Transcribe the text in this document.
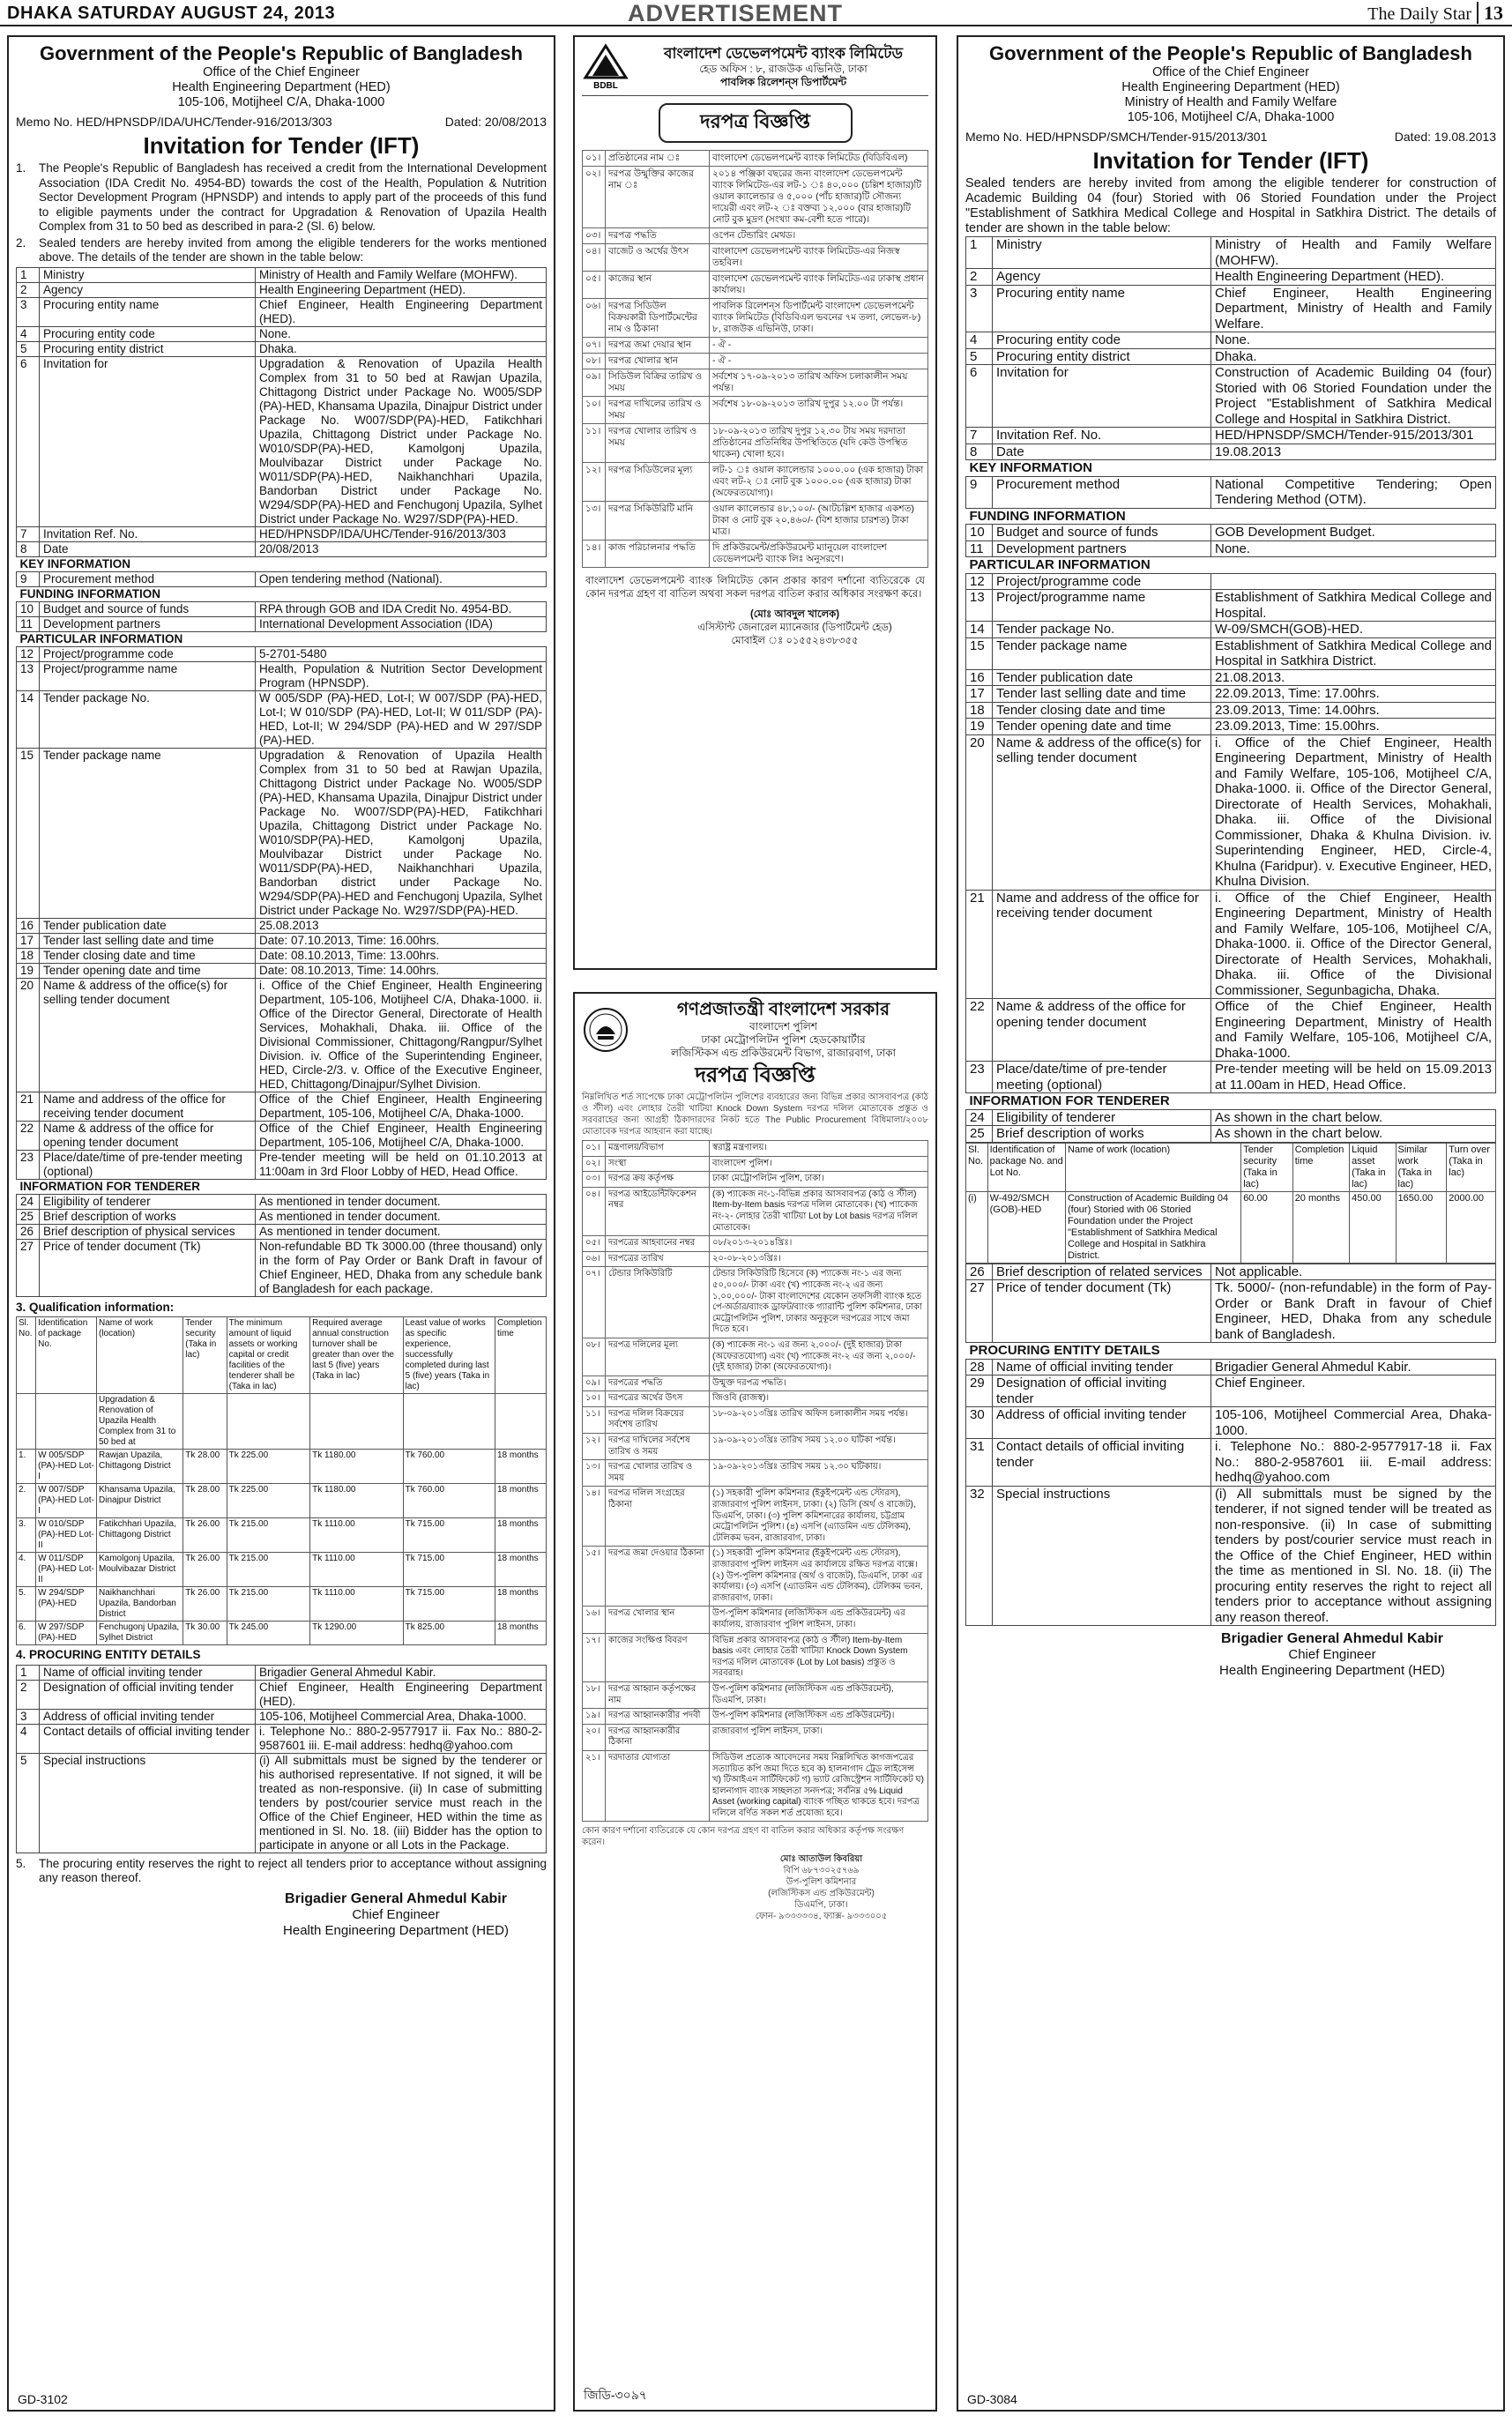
DHAKA SATURDAY AUGUST 24, 2013	ADVERTISEMENT	The Daily Star 13
Government of the People's Republic of Bangladesh
Office of the Chief Engineer
Health Engineering Department (HED)
105-106, Motijheel C/A, Dhaka-1000
Memo No. HED/HPNSDP/IDA/UHC/Tender-916/2013/303	Dated: 20/08/2013
Invitation for Tender (IFT)
1.	The People's Republic of Bangladesh has received a credit from the International Development Association (IDA Credit No. 4954-BD) towards the cost of the Health, Population & Nutrition Sector Development Program (HPNSDP) and intends to apply part of the proceeds of this fund to eligible payments under the contract for Upgradation & Renovation of Upazila Health Complex from 31 to 50 bed as described in para-2 (Sl. 6) below.
2.	Sealed tenders are hereby invited from among the eligible tenderers for the works mentioned above. The details of the tender are shown in the table below:
1	Ministry	Ministry of Health and Family Welfare (MOHFW).
2	Agency	Health Engineering Department (HED).
3	Procuring entity name	Chief Engineer, Health Engineering Department (HED).
4	Procuring entity code	None.
5	Procuring entity district	Dhaka.
6	Invitation for	Upgradation & Renovation of Upazila Health Complex from 31 to 50 bed at Rawjan Upazila, Chittagong District under Package No. W005/SDP (PA)-HED, Khansama Upazila, Dinajpur District under Package No. W007/SDP(PA)-HED, Fatikchhari Upazila, Chittagong District under Package No. W010/SDP(PA)-HED, Kamolgonj Upazila, Moulvibazar District under Package No. W011/SDP(PA)-HED, Naikhanchhari Upazila, Bandorban District under Package No. W294/SDP(PA)-HED and Fenchugonj Upazila, Sylhet District under Package No. W297/SDP(PA)-HED.
7	Invitation Ref. No.	HED/HPNSDP/IDA/UHC/Tender-916/2013/303
8	Date	20/08/2013
KEY INFORMATION		
9	Procurement method	Open tendering method (National).
FUNDING INFORMATION		
10	Budget and source of funds	RPA through GOB and IDA Credit No. 4954-BD.
11	Development partners	International Development Association (IDA)
PARTICULAR INFORMATION		
12	Project/programme code	5-2701-5480
13	Project/programme name	Health, Population & Nutrition Sector Development Program (HPNSDP).
14	Tender package No.	W 005/SDP (PA)-HED, Lot-I; W 007/SDP (PA)-HED, Lot-I; W 010/SDP (PA)-HED, Lot-II; W 011/SDP (PA)-HED, Lot-II; W 294/SDP (PA)-HED and W 297/SDP (PA)-HED.
15	Tender package name	Upgradation & Renovation of Upazila Health Complex from 31 to 50 bed at Rawjan Upazila, Chittagong District under Package No. W005/SDP (PA)-HED, Khansama Upazila, Dinajpur District under Package No. W007/SDP(PA)-HED, Fatikchhari Upazila, Chittagong District under Package No. W010/SDP(PA)-HED, Kamolgonj Upazila, Moulvibazar District under Package No. W011/SDP(PA)-HED, Naikhanchhari Upazila, Bandorban district under Package No. W294/SDP(PA)-HED and Fenchugonj Upazila, Sylhet District under Package No. W297/SDP(PA)-HED.
16	Tender publication date	25.08.2013
17	Tender last selling date and time	Date: 07.10.2013, Time: 16.00hrs.
18	Tender closing date and time	Date: 08.10.2013, Time: 13.00hrs.
19	Tender opening date and time	Date: 08.10.2013, Time: 14.00hrs.
20	Name & address of the office(s) for selling tender document	i. Office of the Chief Engineer, Health Engineering Department, 105-106, Motijheel C/A, Dhaka-1000. ii. Office of the Director General, Directorate of Health Services, Mohakhali, Dhaka. iii. Office of the Divisional Commissioner, Chittagong/Rangpur/Sylhet Division. iv. Office of the Superintending Engineer, HED, Circle-2/3. v. Office of the Executive Engineer, HED, Chittagong/Dinajpur/Sylhet Division.
21	Name and address of the office for receiving tender document	Office of the Chief Engineer, Health Engineering Department, 105-106, Motijheel C/A, Dhaka-1000.
22	Name & address of the office for opening tender document	Office of the Chief Engineer, Health Engineering Department, 105-106, Motijheel C/A, Dhaka-1000.
23	Place/date/time of pre-tender meeting (optional)	Pre-tender meeting will be held on 01.10.2013 at 11:00am in 3rd Floor Lobby of HED, Head Office.
INFORMATION FOR TENDERER		
24	Eligibility of tenderer	As mentioned in tender document.
25	Brief description of works	As mentioned in tender document.
26	Brief description of physical services	As mentioned in tender document.
27	Price of tender document (Tk)	Non-refundable BD Tk 3000.00 (three thousand) only in the form of Pay Order or Bank Draft in favour of Chief Engineer, HED, Dhaka from any schedule bank of Bangladesh for each package.
3. Qualification information:
Sl. No.	Identification of package No.	Name of work (location)	Tender security (Taka in lac)	The minimum amount of liquid assets or working capital or credit facilities of the tenderer shall be (Taka in lac)	Required average annual construction turnover shall be greater than over the last 5 (five) years (Taka in lac)	Least value of works as specific experience, successfully completed during last 5 (five) years (Taka in lac)	Completion time
		Upgradation & Renovation of Upazila Health Complex from 31 to 50 bed at					
1.	W 005/SDP (PA)-HED Lot-I	Rawjan Upazila, Chittagong District	Tk 28.00	Tk 225.00	Tk 1180.00	Tk 760.00	18 months
2.	W 007/SDP (PA)-HED Lot-I	Khansama Upazila, Dinajpur District	Tk 28.00	Tk 225.00	Tk 1180.00	Tk 760.00	18 months
3.	W 010/SDP (PA)-HED Lot-II	Fatikchhari Upazila, Chittagong District	Tk 26.00	Tk 215.00	Tk 1110.00	Tk 715.00	18 months
4.	W 011/SDP (PA)-HED Lot-II	Kamolgonj Upazila, Moulvibazar District	Tk 26.00	Tk 215.00	Tk 1110.00	Tk 715.00	18 months
5.	W 294/SDP (PA)-HED	Naikhanchhari Upazila, Bandorban District	Tk 26.00	Tk 215.00	Tk 1110.00	Tk 715.00	18 months
6.	W 297/SDP (PA)-HED	Fenchugonj Upazila, Sylhet District	Tk 30.00	Tk 245.00	Tk 1290.00	Tk 825.00	18 months
4. PROCURING ENTITY DETAILS
1	Name of official inviting tender	Brigadier General Ahmedul Kabir.
2	Designation of official inviting tender	Chief Engineer, Health Engineering Department (HED).
3	Address of official inviting tender	105-106, Motijheel Commercial Area, Dhaka-1000.
4	Contact details of official inviting tender	i. Telephone No.: 880-2-9577917 ii. Fax No.: 880-2-9587601 iii. E-mail address: hedhq@yahoo.com
5	Special instructions	(i) All submittals must be signed by the tenderer or his authorised representative. If not signed, it will be treated as non-responsive. (ii) In case of submitting tenders by post/courier service must reach in the Office of the Chief Engineer, HED within the time as mentioned in Sl. No. 18. (iii) Bidder has the option to participate in anyone or all Lots in the Package.
5.	The procuring entity reserves the right to reject all tenders prior to acceptance without assigning any reason thereof.
Brigadier General Ahmedul Kabir
Chief Engineer
Health Engineering Department (HED)
GD-3102
BDBL
বাংলাদেশ ডেভেলপমেন্ট ব্যাংক লিমিটেড
হেড অফিস : ৮, রাজউক এভিনিউ, ঢাকা
পাবলিক রিলেশন্‌স ডিপার্টমেন্ট
দরপত্র বিজ্ঞপ্তি
০১।	প্রতিষ্ঠানের নাম ঃ	বাংলাদেশ ডেভেলপমেন্ট ব্যাংক লিমিটেড (বিডিবিএল)
০২।	দরপত্র উন্মুক্তির কাজের নাম ঃ	২০১৪ পঞ্জিকা বছরের জন্য বাংলাদেশ ডেভেলপমেন্ট ব্যাংক লিমিটেড-এর লট-১ ঃ ৪০,০০০ (চল্লিশ হাজার)টি ওয়াল ক্যালেন্ডার ও ৫,০০০ (পাঁচ হাজার)টি সৌজন্য দায়েরী এবং লট-২ ঃ বক্তব্য ১২,০০০ (বার হাজার)টি নোট বুক মুদ্রণ (সংখ্যা কম-বেশী হতে পারে)।
০৩।	দরপত্র পদ্ধতি	ওপেন টেন্ডারিং মেথড।
০৪।	বাজেট ও অর্থের উৎস	বাংলাদেশ ডেভেলপমেন্ট ব্যাংক লিমিটেড-এর নিজস্ব তহবিল।
০৫।	কাজের স্থান	বাংলাদেশ ডেভেলপমেন্ট ব্যাংক লিমিটেড-এর ঢাকাস্থ প্রধান কার্যালয়।
০৬।	দরপত্র সিডিউল বিক্রয়কারী ডিপার্টমেন্টের নাম ও ঠিকানা	পাবলিক রিলেশন্‌স ডিপার্টমেন্ট বাংলাদেশ ডেভেলপমেন্ট ব্যাংক লিমিটেড (বিডিবিএল ভবনের ৭ম তলা, লেভেল-৮) ৮, রাজউক এভিনিউ, ঢাকা।
০৭।	দরপত্র জমা দেয়ার স্থান	- ঐ -
০৮।	দরপত্র খোলার স্থান	- ঐ -
০৯।	সিডিউল বিক্রির তারিখ ও সময়	সর্বশেষ ১৭-০৯-২০১৩ তারিখ অফিস চলাকালীন সময় পর্যন্ত।
১০।	দরপত্র দাখিলের তারিখ ও সময়	সর্বশেষ ১৮-০৯-২০১৩ তারিখ দুপুর ১২.০০ টা পর্যন্ত।
১১।	দরপত্র খোলার তারিখ ও সময়	১৮-০৯-২০১৩ তারিখ দুপুর ১২.৩০ টায় সময় দরদাতা প্রতিষ্ঠানের প্রতিনিধির উপস্থিতিতে (যদি কেউ উপস্থিত থাকেন) খোলা হবে।
১২।	দরপত্র সিডিউলের মূল্য	লট-১ ঃ ওয়াল ক্যালেন্ডার ১০০০.০০ (এক হাজার) টাকা এবং লট-২ ঃ নোট বুক ১০০০.০০ (এক হাজার) টাকা (অফেরতযোগ্য)।
১৩।	দরপত্র সিকিউরিটি মানি	ওয়াল ক্যালেন্ডার ৪৮,১০০/- (আটচল্লিশ হাজার একশত) টাকা ও নোট বুক ২০,৪৬০/- (বিশ হাজার চারশত) টাকা মাত্র।
১৪।	কাজ পরিচালনার পদ্ধতি	দি প্রকিউরমেন্ট/প্রকিউরমেন্ট ম্যানুয়েল বাংলাদেশ ডেভেলপমেন্ট ব্যাংক লিঃ অনুসরণে।
বাংলাদেশ ডেভেলপমেন্ট ব্যাংক লিমিটেড কোন প্রকার কারণ দর্শানো ব্যতিরেকে যে কোন দরপত্র গ্রহণ বা বাতিল অথবা সকল দরপত্র বাতিল করার অধিকার সংরক্ষণ করে।
(মোঃ আবদুল খালেক)
এসিস্টান্ট জেনারেল ম্যানেজার (ডিপার্টমেন্ট হেড)
মোবাইল ঃ ০১৫৫২৪৩৮৩৫৫
গণপ্রজাতন্ত্রী বাংলাদেশ সরকার
বাংলাদেশ পুলিশ
ঢাকা মেট্রোপলিটন পুলিশ হেডকোয়ার্টার
লজিস্টিকস এন্ড প্রকিউরমেন্ট বিভাগ, রাজারবাগ, ঢাকা
দরপত্র বিজ্ঞপ্তি
নিম্নলিখিত শর্ত সাপেক্ষে ঢাকা মেট্রোপলিটন পুলিশের ব্যবহারের জন্য বিভিন্ন প্রকার আসবাবপত্র (কাঠ ও স্টীল) এবং লোহার তৈরী খাটিয়া Knock Down System দরপত্র দলিল মোতাবেক প্রস্তুত ও সরবরাহের জন্য আগ্রহী ঠিকাদারদের নিকট হতে The Public Procurement বিধিমালা/২০০৮ মোতাবেক দরপত্র আহবান করা যাচ্ছে।
০১।	মন্ত্রণালয়/বিভাগ	স্বরাষ্ট্র মন্ত্রণালয়।
০২।	সংস্থা	বাংলাদেশ পুলিশ।
০৩।	দরপত্র ক্রয় কর্তৃপক্ষ	ঢাকা মেট্রোপলিটন পুলিশ, ঢাকা।
০৪।	দরপত্র আইডেন্টিফিকেশন নম্বর	(ক) প্যাকেজ নং-১-বিভিন্ন প্রকার আসবাবপত্র (কাঠ ও স্টীল) Item-by-Item basis দরপত্র দলিল মোতাবেক। (খ) প্যাকেজ নং-২- লোহার তৈরী খাটিয়া Lot by Lot basis দরপত্র দলিল মোতাবেক।
০৫।	দরপত্রের আহবানের নম্বর	০৮/২০১৩-২০১৪খ্রিঃ।
০৬।	দরপত্রের তারিখ	২০-০৮-২০১৩খ্রিঃ।
০৭।	টেন্ডার সিকিউরিটি	টেন্ডার সিকিউরিটি হিসেবে (ক) প্যাকেজ নং-১ এর জন্য ৫০,০০০/- টাকা এবং (খ) প্যাকেজ নং-২ এর জন্য ১,০০,০০০/- টাকা বাংলাদেশের যেকোন তফসিলী ব্যাংক হতে পে-অর্ডার/ব্যাংক ড্রাফট/ব্যাংক গ্যারান্টি পুলিশ কমিশনার, ঢাকা মেট্রোপলিটন পুলিশ, ঢাকার অনুকূলে দরপত্রের সাথে জমা দিতে হবে।
০৮।	দরপত্র দলিলের মূল্য	(ক) প্যাকেজ নং-১ এর জন্য ২,০০০/- (দুই হাজার) টাকা (অফেরতযোগ্য) এবং (খ) প্যাকেজ নং-২ এর জন্য ২,০০০/- (দুই হাজার) টাকা (অফেরতযোগ্য)।
০৯।	দরপত্রের পদ্ধতি	উন্মুক্ত দরপত্র পদ্ধতি।
১০।	দরপত্রের অর্থের উৎস	জিওবি (রাজস্ব)।
১১।	দরপত্র দলিল বিক্রয়ের সর্বশেষ তারিখ	১৮-০৯-২০১৩খ্রিঃ তারিখ অফিস চলাকালীন সময় পর্যন্ত।
১২।	দরপত্র দাখিলের সর্বশেষ তারিখ ও সময়	১৯-০৯-২০১৩খ্রিঃ তারিখ সময় ১২.০০ ঘটিকা পর্যন্ত।
১৩।	দরপত্র খোলার তারিখ ও সময়	১৯-০৯-২০১৩খ্রিঃ তারিখ সময় ১২.৩০ ঘটিকায়।
১৪।	দরপত্র দলিল সংগ্রহের ঠিকানা	(১) সহকারী পুলিশ কমিশনার (ইকুইপমেন্ট এন্ড স্টোরস), রাজারবাগ পুলিশ লাইনস, ঢাকা। (২) ডিসি (অর্থ ও বাজেট), ডিএমপি, ঢাকা। (৩) পুলিশ কমিশনারের কার্যালয়, চট্টগ্রাম মেট্রোপলিটন পুলিশ। (৪) এসপি (এ্যাডমিন এন্ড টেলিকম), টেলিকম ভবন, রাজারবাগ, ঢাকা।
১৫।	দরপত্র জমা দেওয়ার ঠিকানা	(১) সহকারী পুলিশ কমিশনার (ইকুইপমেন্ট এন্ড স্টোরস), রাজারবাগ পুলিশ লাইনস এর কার্যালয়ে রক্ষিত দরপত্র বাক্সে। (২) উপ-পুলিশ কমিশনার (অর্থ ও বাজেট), ডিএমপি, ঢাকা এর কার্যালয়। (৩) এসপি (এ্যাডমিন এন্ড টেলিকম), টেলিকম ভবন, রাজারবাগ, ঢাকা।
১৬।	দরপত্র খোলার স্থান	উপ-পুলিশ কমিশনার (লজিস্টিকস এন্ড প্রকিউরমেন্ট) এর কার্যালয়, রাজারবাগ পুলিশ লাইনস, ঢাকা।
১৭।	কাজের সংক্ষিপ্ত বিবরণ	বিভিন্ন প্রকার আসবাবপত্র (কাঠ ও স্টীল) Item-by-Item basis এবং লোহার তৈরী খাটিয়া Knock Down System দরপত্র দলিল মোতাবেক (Lot by Lot basis) প্রস্তুত ও সরবরাহ।
১৮।	দরপত্র আহ্বান কর্তৃপক্ষের নাম	উপ-পুলিশ কমিশনার (লজিস্টিকস এন্ড প্রকিউরমেন্ট), ডিএমপি, ঢাকা।
১৯।	দরপত্র আহ্বানকারীর পদবী	উপ-পুলিশ কমিশনার (লজিস্টিকস এন্ড প্রকিউরমেন্ট)।
২০।	দরপত্র আহ্বানকারীর ঠিকানা	রাজারবাগ পুলিশ লাইনস, ঢাকা।
২১।	দরদাতার যোগ্যতা	সিডিউল প্রত্যেক আবেদনের সময় নিম্নলিখিত কাগজপত্রের সত্যায়িত কপি জমা দিতে হবে ক) হালনাগাদ ট্রেড লাইসেন্স খ) টিআইএন সার্টিফিকেট গ) ভ্যাট রেজিস্ট্রেশন সার্টিফিকেট ঘ) হালনাগাদ ব্যাংক সচ্ছলতা সনদপত্র; সর্বনিম্ন ৫% Liquid Asset (working capital) ব্যাংক গচ্ছিত থাকতে হবে। দরপত্র দলিলে বর্ণিত সকল শর্ত প্রযোজ্য হবে।
কোন কারণ দর্শানো ব্যতিরেকে যে কোন দরপত্র গ্রহণ বা বাতিল করার অধিকার কর্তৃপক্ষ সংরক্ষণ করেন।
মোঃ আতাউল কিবরিয়া
বিপি ৬৮৭৩০২৫৭৬৯
উপ-পুলিশ কমিশনার
(লজিস্টিকস এন্ড প্রকিউরমেন্ট)
ডিএমপি, ঢাকা।
ফোন- ৯৩৩৩৩৩৪, ফ্যাক্স- ৯৩৩৩০০৫
জিডি-৩০৯৭
Government of the People's Republic of Bangladesh
Office of the Chief Engineer
Health Engineering Department (HED)
Ministry of Health and Family Welfare
105-106, Motijheel C/A, Dhaka-1000
Memo No. HED/HPNSDP/SMCH/Tender-915/2013/301	Dated: 19.08.2013
Invitation for Tender (IFT)
Sealed tenders are hereby invited from among the eligible tenderer for construction of Academic Building 04 (four) Storied with 06 Storied Foundation under the Project "Establishment of Satkhira Medical College and Hospital in Satkhira District. The details of tender are shown in the table below:
1	Ministry	Ministry of Health and Family Welfare (MOHFW).
2	Agency	Health Engineering Department (HED).
3	Procuring entity name	Chief Engineer, Health Engineering Department, Ministry of Health and Family Welfare.
4	Procuring entity code	None.
5	Procuring entity district	Dhaka.
6	Invitation for	Construction of Academic Building 04 (four) Storied with 06 Storied Foundation under the Project "Establishment of Satkhira Medical College and Hospital in Satkhira District.
7	Invitation Ref. No.	HED/HPNSDP/SMCH/Tender-915/2013/301
8	Date	19.08.2013
KEY INFORMATION		
9	Procurement method	National Competitive Tendering; Open Tendering Method (OTM).
FUNDING INFORMATION		
10	Budget and source of funds	GOB Development Budget.
11	Development partners	None.
PARTICULAR INFORMATION		
12	Project/programme code	
13	Project/programme name	Establishment of Satkhira Medical College and Hospital.
14	Tender package No.	W-09/SMCH(GOB)-HED.
15	Tender package name	Establishment of Satkhira Medical College and Hospital in Satkhira District.
16	Tender publication date	21.08.2013.
17	Tender last selling date and time	22.09.2013, Time: 17.00hrs.
18	Tender closing date and time	23.09.2013, Time: 14.00hrs.
19	Tender opening date and time	23.09.2013, Time: 15.00hrs.
20	Name & address of the office(s) for selling tender document	i. Office of the Chief Engineer, Health Engineering Department, Ministry of Health and Family Welfare, 105-106, Motijheel C/A, Dhaka-1000. ii. Office of the Director General, Directorate of Health Services, Mohakhali, Dhaka. iii. Office of the Divisional Commissioner, Dhaka & Khulna Division. iv. Superintending Engineer, HED, Circle-4, Khulna (Faridpur). v. Executive Engineer, HED, Khulna Division.
21	Name and address of the office for receiving tender document	i. Office of the Chief Engineer, Health Engineering Department, Ministry of Health and Family Welfare, 105-106, Motijheel C/A, Dhaka-1000. ii. Office of the Director General, Directorate of Health Services, Mohakhali, Dhaka. iii. Office of the Divisional Commissioner, Segunbagicha, Dhaka.
22	Name & address of the office for opening tender document	Office of the Chief Engineer, Health Engineering Department, Ministry of Health and Family Welfare, 105-106, Motijheel C/A, Dhaka-1000.
23	Place/date/time of pre-tender meeting (optional)	Pre-tender meeting will be held on 15.09.2013 at 11.00am in HED, Head Office.
INFORMATION FOR TENDERER		
24	Eligibility of tenderer	As shown in the chart below.
25	Brief description of works	As shown in the chart below.
Sl. No.	Identification of package No. and Lot No.	Name of work (location)	Tender security (Taka in lac)	Completion time	Liquid asset (Taka in lac)	Similar work (Taka in lac)	Turn over (Taka in lac)
(i)	W-492/SMCH (GOB)-HED	Construction of Academic Building 04 (four) Storied with 06 Storied Foundation under the Project "Establishment of Satkhira Medical College and Hospital in Satkhira District.	60.00	20 months	450.00	1650.00	2000.00
26	Brief description of related services	Not applicable.
27	Price of tender document (Tk)	Tk. 5000/- (non-refundable) in the form of Pay-Order or Bank Draft in favour of Chief Engineer, HED, Dhaka from any schedule bank of Bangladesh.
PROCURING ENTITY DETAILS		
28	Name of official inviting tender	Brigadier General Ahmedul Kabir.
29	Designation of official inviting tender	Chief Engineer.
30	Address of official inviting tender	105-106, Motijheel Commercial Area, Dhaka-1000.
31	Contact details of official inviting tender	i. Telephone No.: 880-2-9577917-18 ii. Fax No.: 880-2-9587601 iii. E-mail address: hedhq@yahoo.com
32	Special instructions	(i) All submittals must be signed by the tenderer, if not signed tender will be treated as non-responsive. (ii) In case of submitting tenders by post/courier service must reach in the Office of the Chief Engineer, HED within the time as mentioned in Sl. No. 18. (ii) The procuring entity reserves the right to reject all tenders prior to acceptance without assigning any reason thereof.
Brigadier General Ahmedul Kabir
Chief Engineer
Health Engineering Department (HED)
GD-3084
